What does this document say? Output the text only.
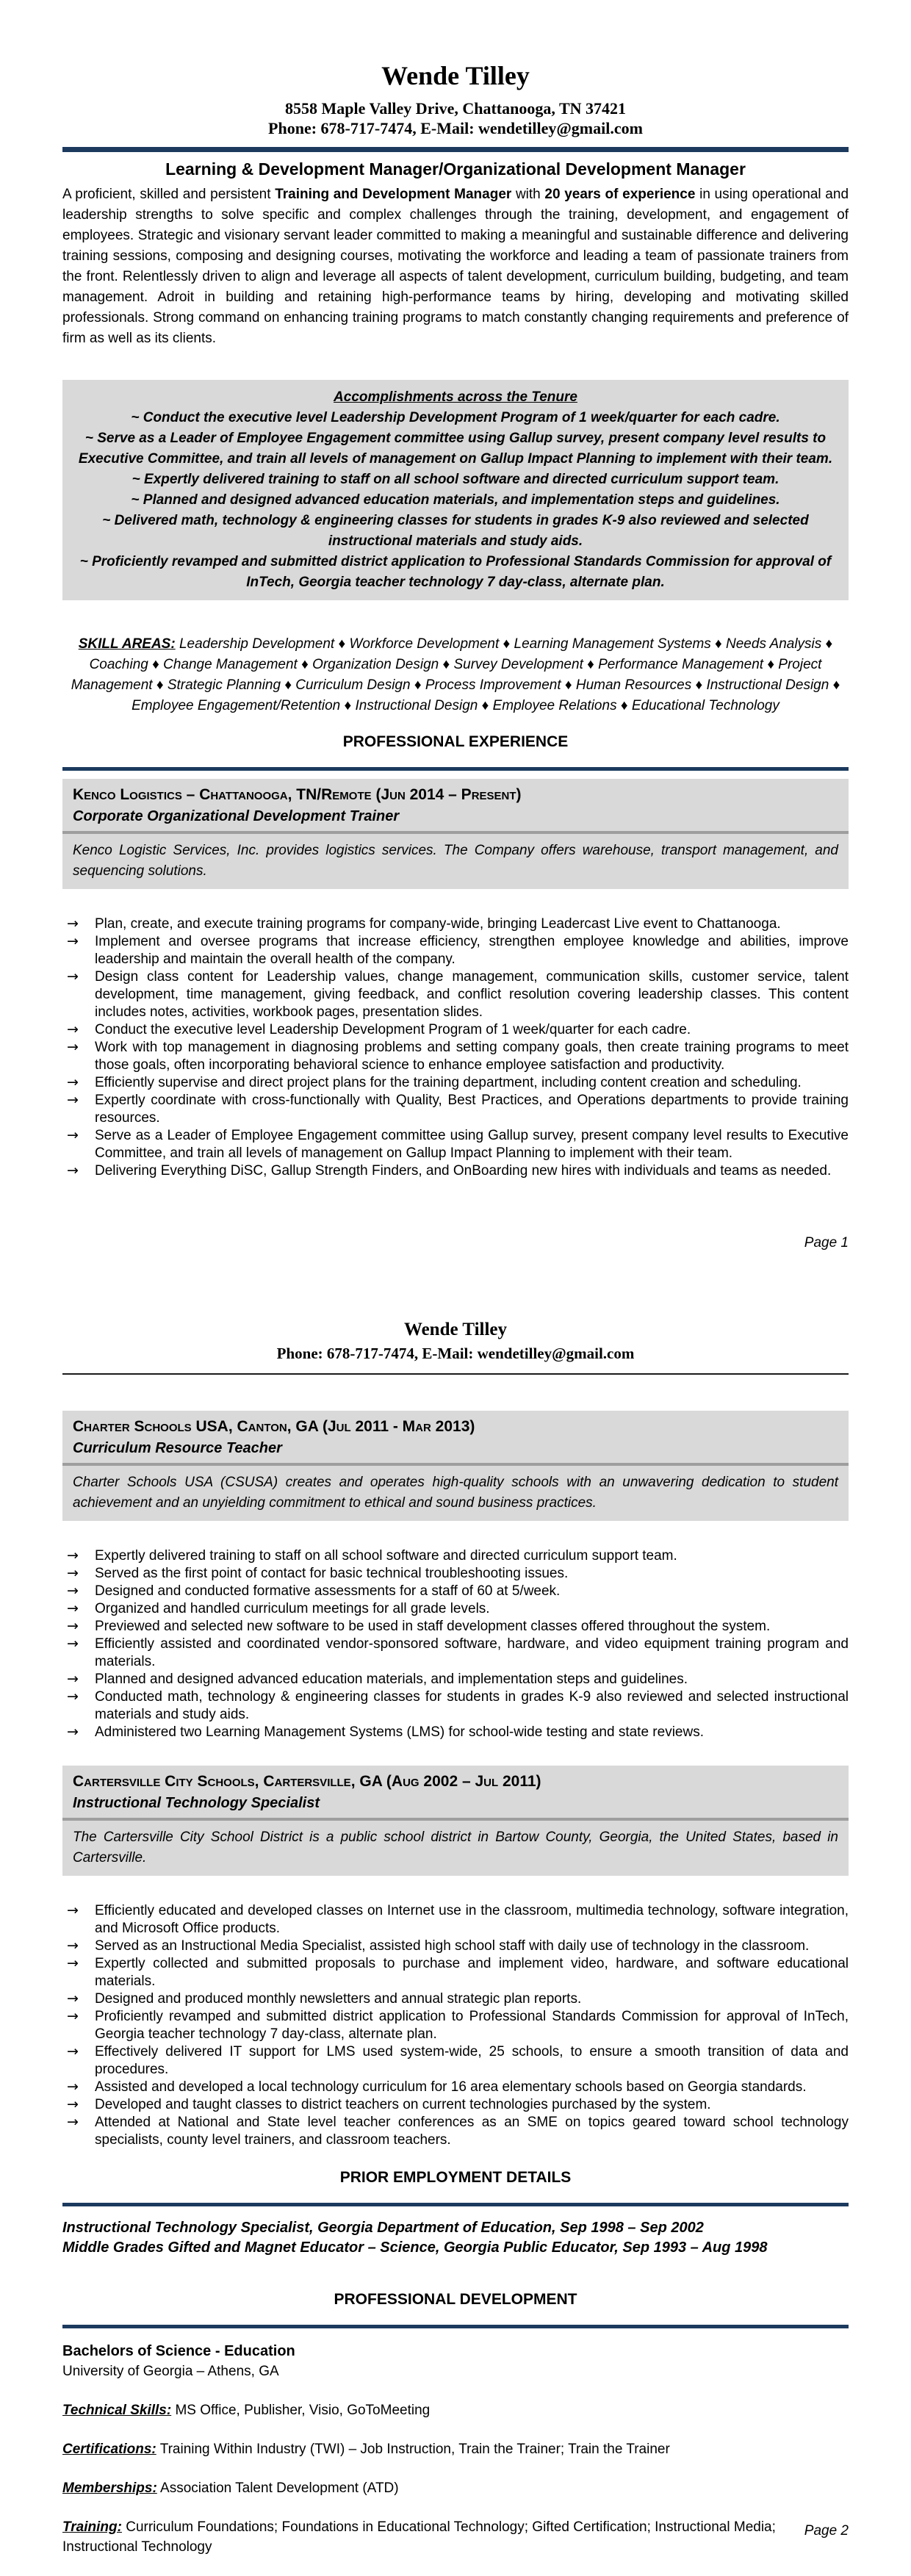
Wende Tilley
8558 Maple Valley Drive, Chattanooga, TN 37421
Phone: 678-717-7474, E-Mail: wendetilley@gmail.com
Learning & Development Manager/Organizational Development Manager

A proficient, skilled and persistent Training and Development Manager with 20 years of experience in using operational and leadership strengths to solve specific and complex challenges through the training, development, and engagement of employees. Strategic and visionary servant leader committed to making a meaningful and sustainable difference and delivering training sessions, composing and designing courses, motivating the workforce and leading a team of passionate trainers from the front. Relentlessly driven to align and leverage all aspects of talent development, curriculum building, budgeting, and team management. Adroit in building and retaining high-performance teams by hiring, developing and motivating skilled professionals. Strong command on enhancing training programs to match constantly changing requirements and preference of firm as well as its clients.

Accomplishments across the Tenure
~ Conduct the executive level Leadership Development Program of 1 week/quarter for each cadre.
~ Serve as a Leader of Employee Engagement committee using Gallup survey, present company level results to Executive Committee, and train all levels of management on Gallup Impact Planning to implement with their team.
~ Expertly delivered training to staff on all school software and directed curriculum support team.
~ Planned and designed advanced education materials, and implementation steps and guidelines.
~ Delivered math, technology & engineering classes for students in grades K-9 also reviewed and selected instructional materials and study aids.
~ Proficiently revamped and submitted district application to Professional Standards Commission for approval of InTech, Georgia teacher technology 7 day-class, alternate plan.

SKILL AREAS: Leadership Development ♦ Workforce Development ♦ Learning Management Systems ♦ Needs Analysis ♦ Coaching ♦ Change Management ♦ Organization Design ♦ Survey Development ♦ Performance Management ♦ Project Management ♦ Strategic Planning ♦ Curriculum Design ♦ Process Improvement ♦ Human Resources ♦ Instructional Design ♦ Employee Engagement/Retention ♦ Instructional Design ♦ Employee Relations ♦ Educational Technology

PROFESSIONAL EXPERIENCE
Kenco Logistics – Chattanooga, TN/Remote (Jun 2014 – Present)
Corporate Organizational Development Trainer
Kenco Logistic Services, Inc. provides logistics services. The Company offers warehouse, transport management, and sequencing solutions.
→ Plan, create, and execute training programs for company-wide, bringing Leadercast Live event to Chattanooga.
→ Implement and oversee programs that increase efficiency, strengthen employee knowledge and abilities, improve leadership and maintain the overall health of the company.
→ Design class content for Leadership values, change management, communication skills, customer service, talent development, time management, giving feedback, and conflict resolution covering leadership classes. This content includes notes, activities, workbook pages, presentation slides.
→ Conduct the executive level Leadership Development Program of 1 week/quarter for each cadre.
→ Work with top management in diagnosing problems and setting company goals, then create training programs to meet those goals, often incorporating behavioral science to enhance employee satisfaction and productivity.
→ Efficiently supervise and direct project plans for the training department, including content creation and scheduling.
→ Expertly coordinate with cross-functionally with Quality, Best Practices, and Operations departments to provide training resources.
→ Serve as a Leader of Employee Engagement committee using Gallup survey, present company level results to Executive Committee, and train all levels of management on Gallup Impact Planning to implement with their team.
→ Delivering Everything DiSC, Gallup Strength Finders, and OnBoarding new hires with individuals and teams as needed.
Page 1
Wende Tilley
Phone: 678-717-7474, E-Mail: wendetilley@gmail.com
Charter Schools USA, Canton, GA (Jul 2011 - Mar 2013)
Curriculum Resource Teacher
Charter Schools USA (CSUSA) creates and operates high-quality schools with an unwavering dedication to student achievement and an unyielding commitment to ethical and sound business practices.
→ Expertly delivered training to staff on all school software and directed curriculum support team.
→ Served as the first point of contact for basic technical troubleshooting issues.
→ Designed and conducted formative assessments for a staff of 60 at 5/week.
→ Organized and handled curriculum meetings for all grade levels.
→ Previewed and selected new software to be used in staff development classes offered throughout the system.
→ Efficiently assisted and coordinated vendor-sponsored software, hardware, and video equipment training program and materials.
→ Planned and designed advanced education materials, and implementation steps and guidelines.
→ Conducted math, technology & engineering classes for students in grades K-9 also reviewed and selected instructional materials and study aids.
→ Administered two Learning Management Systems (LMS) for school-wide testing and state reviews.
Cartersville City Schools, Cartersville, GA (Aug 2002 – Jul 2011)
Instructional Technology Specialist
The Cartersville City School District is a public school district in Bartow County, Georgia, the United States, based in Cartersville.
→ Efficiently educated and developed classes on Internet use in the classroom, multimedia technology, software integration, and Microsoft Office products.
→ Served as an Instructional Media Specialist, assisted high school staff with daily use of technology in the classroom.
→ Expertly collected and submitted proposals to purchase and implement video, hardware, and software educational materials.
→ Designed and produced monthly newsletters and annual strategic plan reports.
→ Proficiently revamped and submitted district application to Professional Standards Commission for approval of InTech, Georgia teacher technology 7 day-class, alternate plan.
→ Effectively delivered IT support for LMS used system-wide, 25 schools, to ensure a smooth transition of data and procedures.
→ Assisted and developed a local technology curriculum for 16 area elementary schools based on Georgia standards.
→ Developed and taught classes to district teachers on current technologies purchased by the system.
→ Attended at National and State level teacher conferences as an SME on topics geared toward school technology specialists, county level trainers, and classroom teachers.
PRIOR EMPLOYMENT DETAILS
Instructional Technology Specialist, Georgia Department of Education, Sep 1998 – Sep 2002
Middle Grades Gifted and Magnet Educator – Science, Georgia Public Educator, Sep 1993 – Aug 1998
PROFESSIONAL DEVELOPMENT
Bachelors of Science - Education
University of Georgia – Athens, GA
Technical Skills: MS Office, Publisher, Visio, GoToMeeting
Certifications: Training Within Industry (TWI) – Job Instruction, Train the Trainer; Train the Trainer
Memberships: Association Talent Development (ATD)
Training: Curriculum Foundations; Foundations in Educational Technology; Gifted Certification; Instructional Media; Instructional Technology
Page 2
